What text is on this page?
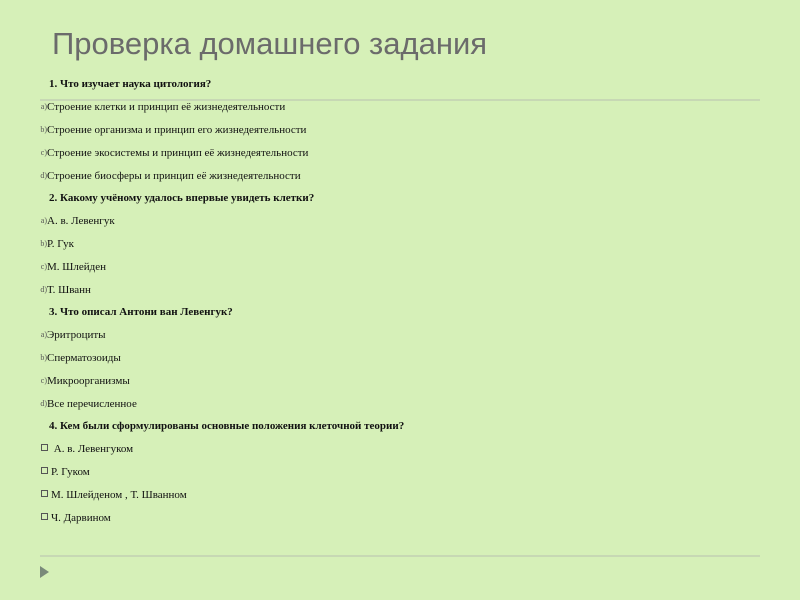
Проверка домашнего задания
1. Что изучает наука цитология?
a)Строение клетки и принцип её жизнедеятельности
b)Строение организма и принцип его жизнедеятельности
c)Строение экосистемы и принцип её жизнедеятельности
d)Строение биосферы и принцип её жизнедеятельности
2. Какому учёному удалось впервые увидеть клетки?
a)А. в. Левенгук
b)Р. Гук
c)М. Шлейден
d)Т. Шванн
3. Что описал Антони ван Левенгук?
a)Эритроциты
b)Сперматозоиды
c)Микроорганизмы
d)Все перечисленное
4. Кем были сформулированы основные положения клеточной теории?
А. в. Левенгуком
Р. Гуком
М. Шлейденом , Т. Шванном
Ч. Дарвином
